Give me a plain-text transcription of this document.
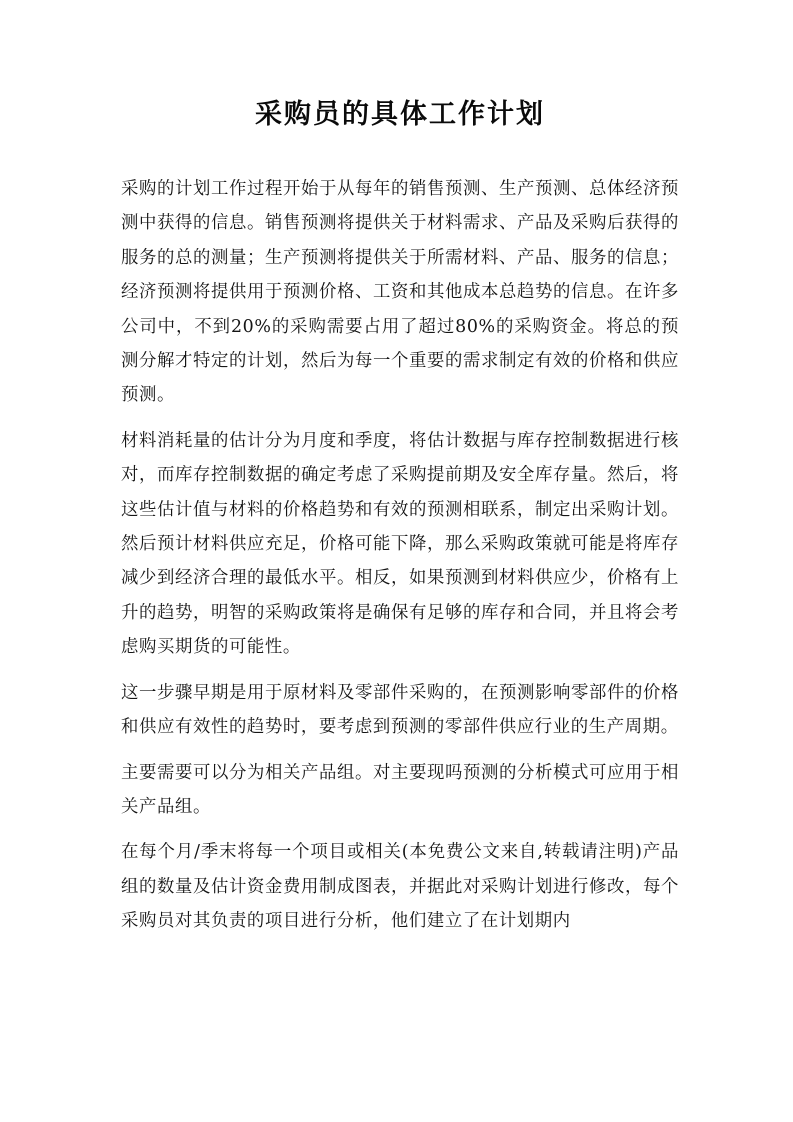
采购员的具体工作计划

采购的计划工作过程开始于从每年的销售预测、生产预测、总体经济预测中获得的信息。销售预测将提供关于材料需求、产品及采购后获得的服务的总的测量；生产预测将提供关于所需材料、产品、服务的信息；经济预测将提供用于预测价格、工资和其他成本总趋势的信息。在许多公司中，不到20%的采购需要占用了超过80%的采购资金。将总的预测分解才特定的计划，然后为每一个重要的需求制定有效的价格和供应预测。

材料消耗量的估计分为月度和季度，将估计数据与库存控制数据进行核对，而库存控制数据的确定考虑了采购提前期及安全库存量。然后，将这些估计值与材料的价格趋势和有效的预测相联系，制定出采购计划。然后预计材料供应充足，价格可能下降，那么采购政策就可能是将库存减少到经济合理的最低水平。相反，如果预测到材料供应少，价格有上升的趋势，明智的采购政策将是确保有足够的库存和合同，并且将会考虑购买期货的可能性。

这一步骤早期是用于原材料及零部件采购的，在预测影响零部件的价格和供应有效性的趋势时，要考虑到预测的零部件供应行业的生产周期。

主要需要可以分为相关产品组。对主要现吗预测的分析模式可应用于相关产品组。

在每个月/季末将每一个项目或相关(本免费公文来自,转载请注明)产品组的数量及估计资金费用制成图表，并据此对采购计划进行修改，每个采购员对其负责的项目进行分析，他们建立了在计划期内
